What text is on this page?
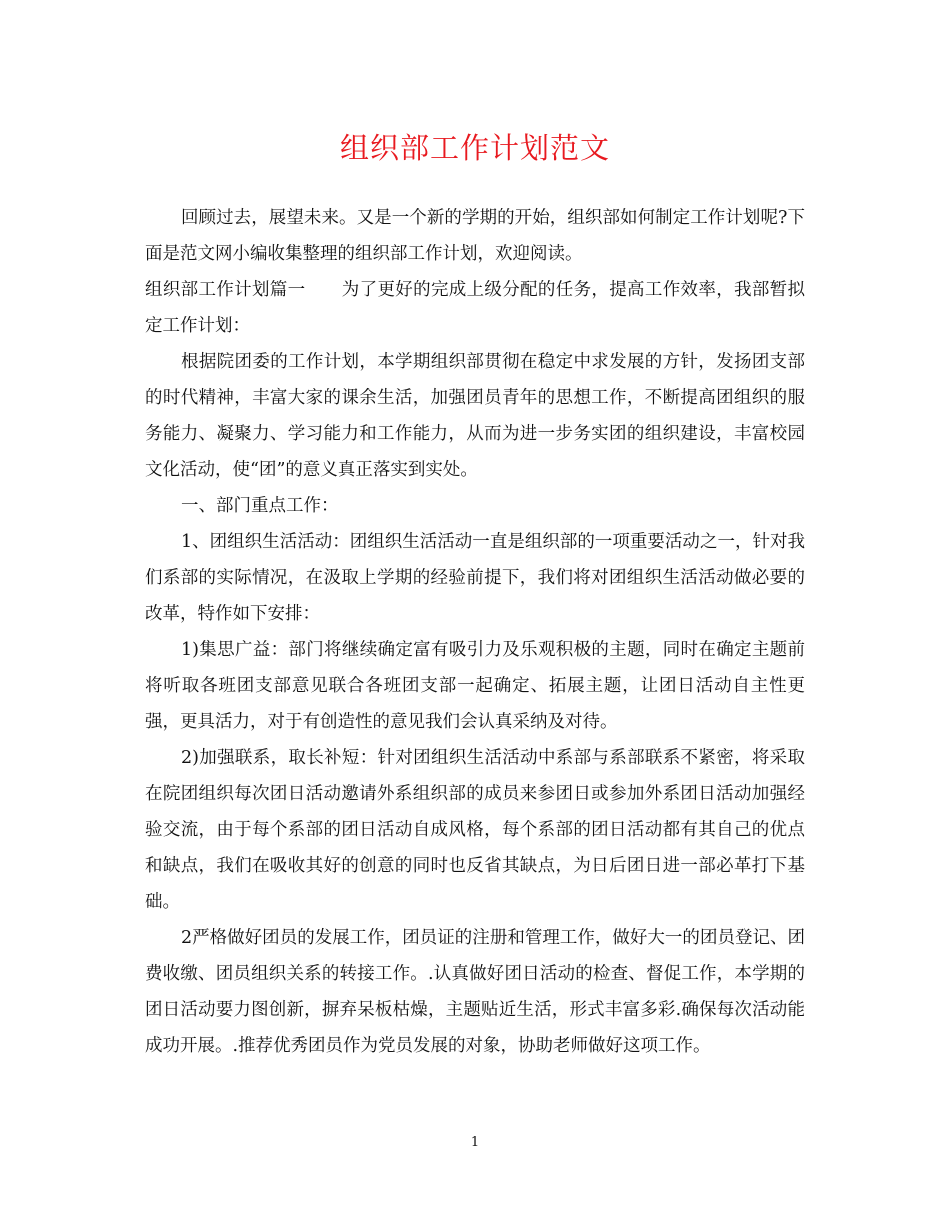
组织部工作计划范文

回顾过去，展望未来。又是一个新的学期的开始，组织部如何制定工作计划呢?下面是范文网小编收集整理的组织部工作计划，欢迎阅读。

组织部工作计划篇一 为了更好的完成上级分配的任务，提高工作效率，我部暂拟定工作计划：

根据院团委的工作计划，本学期组织部贯彻在稳定中求发展的方针，发扬团支部的时代精神，丰富大家的课余生活，加强团员青年的思想工作，不断提高团组织的服务能力、凝聚力、学习能力和工作能力，从而为进一步务实团的组织建设，丰富校园文化活动，使“团”的意义真正落实到实处。

一、部门重点工作：

1、团组织生活活动：团组织生活活动一直是组织部的一项重要活动之一，针对我们系部的实际情况，在汲取上学期的经验前提下，我们将对团组织生活活动做必要的改革，特作如下安排：

1)集思广益：部门将继续确定富有吸引力及乐观积极的主题，同时在确定主题前将听取各班团支部意见联合各班团支部一起确定、拓展主题，让团日活动自主性更强，更具活力，对于有创造性的意见我们会认真采纳及对待。

2)加强联系，取长补短：针对团组织生活活动中系部与系部联系不紧密，将采取在院团组织每次团日活动邀请外系组织部的成员来参团日或参加外系团日活动加强经验交流，由于每个系部的团日活动自成风格，每个系部的团日活动都有其自己的优点和缺点，我们在吸收其好的创意的同时也反省其缺点，为日后团日进一部必革打下基础。

2严格做好团员的发展工作，团员证的注册和管理工作，做好大一的团员登记、团费收缴、团员组织关系的转接工作。.认真做好团日活动的检查、督促工作，本学期的团日活动要力图创新，摒弃呆板枯燥，主题贴近生活，形式丰富多彩.确保每次活动能成功开展。.推荐优秀团员作为党员发展的对象，协助老师做好这项工作。

1
